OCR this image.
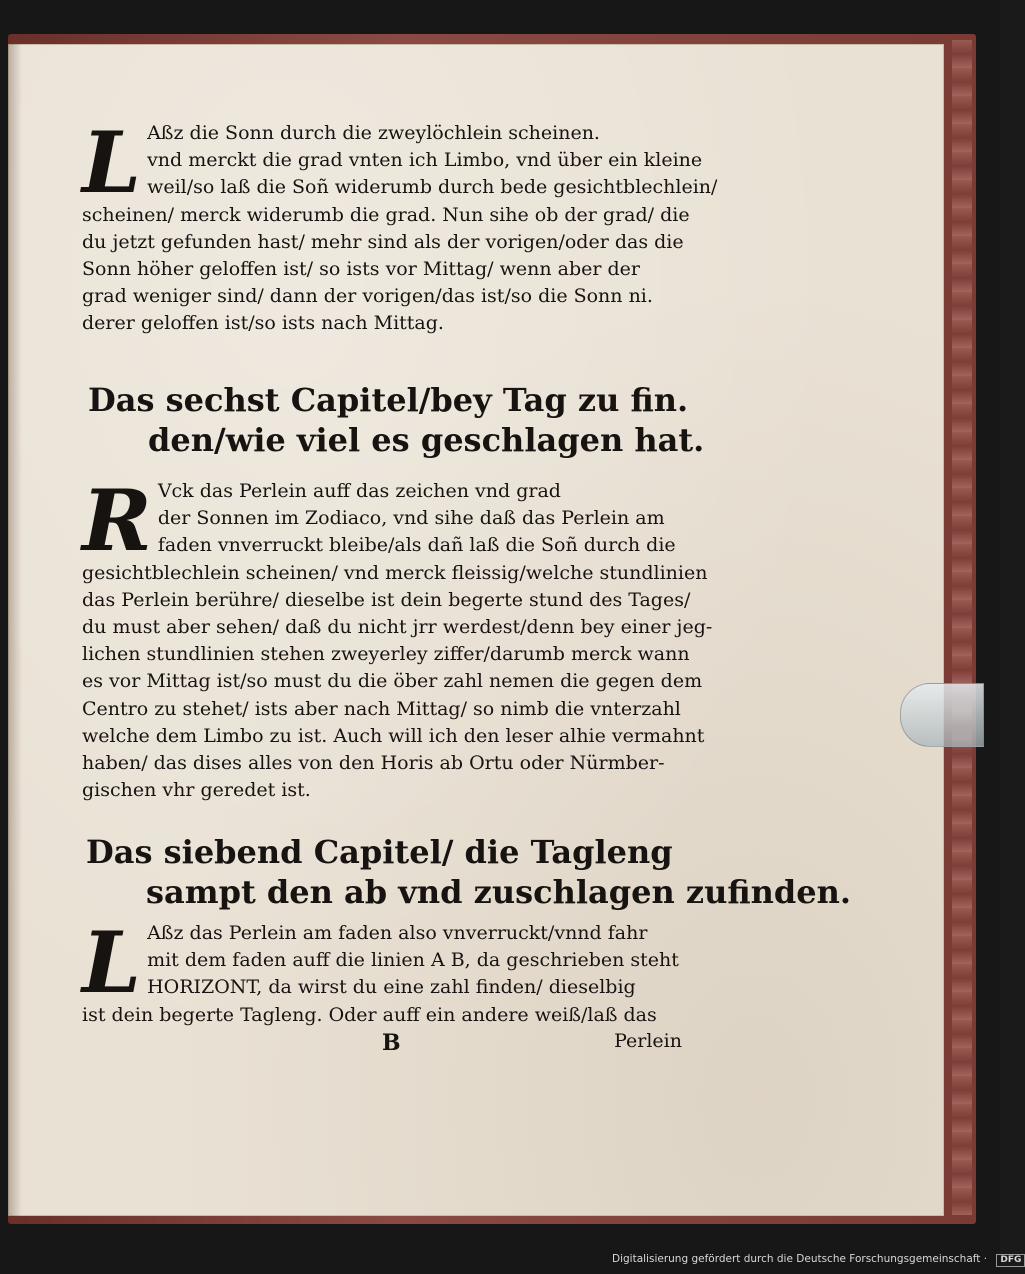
L Aßz die Sonn durch die zweylöchlein scheinen.
vnd merckt die grad vnten ich Limbo, vnd über ein kleine
weil/so laß die Soñ widerumb durch bede gesichtblechlein/
scheinen/ merck widerumb die grad. Nun sihe ob der grad/ die
du jetzt gefunden hast/ mehr sind als der vorigen/oder das die
Sonn höher geloffen ist/ so ists vor Mittag/ wenn aber der
grad weniger sind/ dann der vorigen/das ist/so die Sonn ni.
derer geloffen ist/so ists nach Mittag.

Das sechst Capitel/bey Tag zu fin.
den/wie viel es geschlagen hat.

R Vck das Perlein auff das zeichen vnd grad
der Sonnen im Zodiaco, vnd sihe daß das Perlein am
faden vnverruckt bleibe/als dañ laß die Soñ durch die
gesichtblechlein scheinen/ vnd merck fleissig/welche stundlinien
das Perlein berühre/ dieselbe ist dein begerte stund des Tages/
du must aber sehen/ daß du nicht jrr werdest/denn bey einer jeg-
lichen stundlinien stehen zweyerley ziffer/darumb merck wann
es vor Mittag ist/so must du die öber zahl nemen die gegen dem
Centro zu stehet/ ists aber nach Mittag/ so nimb die vnterzahl
welche dem Limbo zu ist. Auch will ich den leser alhie vermahnt
haben/ das dises alles von den Horis ab Ortu oder Nürmber-
gischen vhr geredet ist.

Das siebend Capitel/ die Tagleng
sampt den ab vnd zuschlagen zufinden.

L Aßz das Perlein am faden also vnverruckt/vnnd fahr
mit dem faden auff die linien A B, da geschrieben steht
HORIZONT, da wirst du eine zahl finden/ dieselbig
ist dein begerte Tagleng. Oder auff ein andere weiß/laß das

B	Perlein
Digitalisierung gefördert durch die Deutsche Forschungsgemeinschaft · DFG
